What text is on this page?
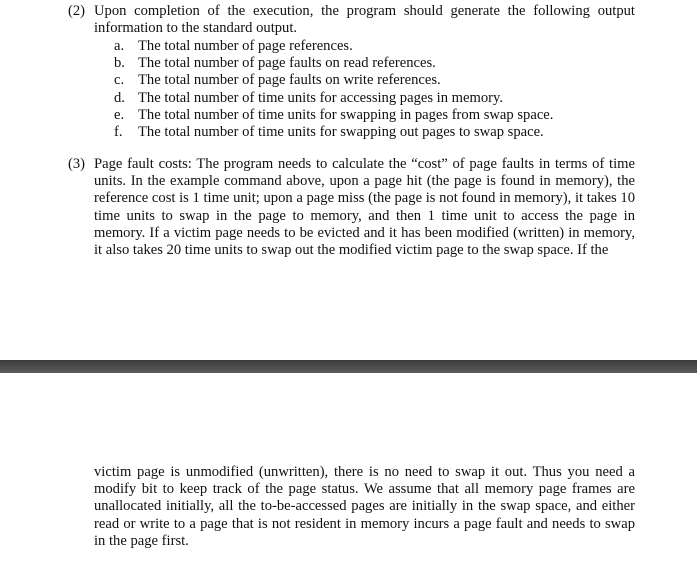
(2) Upon completion of the execution, the program should generate the following output information to the standard output.

a. The total number of page references.
b. The total number of page faults on read references.
c. The total number of page faults on write references.
d. The total number of time units for accessing pages in memory.
e. The total number of time units for swapping in pages from swap space.
f. The total number of time units for swapping out pages to swap space.

(3) Page fault costs: The program needs to calculate the “cost” of page faults in terms of time units. In the example command above, upon a page hit (the page is found in memory), the reference cost is 1 time unit; upon a page miss (the page is not found in memory), it takes 10 time units to swap in the page to memory, and then 1 time unit to access the page in memory. If a victim page needs to be evicted and it has been modified (written) in memory, it also takes 20 time units to swap out the modified victim page to the swap space. If the

victim page is unmodified (unwritten), there is no need to swap it out. Thus you need a modify bit to keep track of the page status. We assume that all memory page frames are unallocated initially, all the to-be-accessed pages are initially in the swap space, and either read or write to a page that is not resident in memory incurs a page fault and needs to swap in the page first.
